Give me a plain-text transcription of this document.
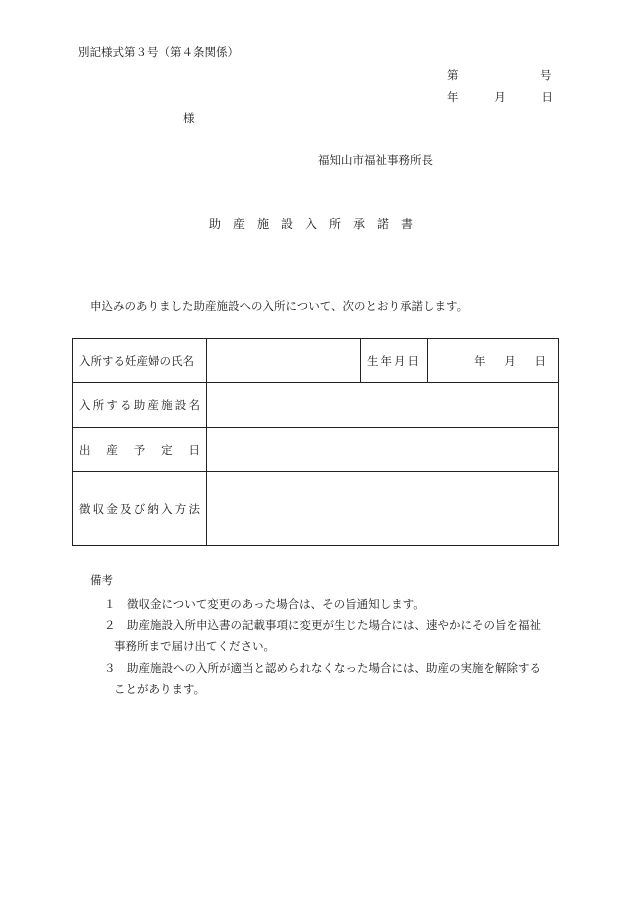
別記様式第３号（第４条関係）
第	号
年	月	日
様
福知山市福祉事務所長
助産施設入所承諾書
申込みのありました助産施設への入所について、次のとおり承諾します。
入所する妊産婦の氏名		生年月日	年 月 日

入所する助産施設名			
出産予定日			
徴収金及び納入方法			
備考
１　徴収金について変更のあった場合は、その旨通知します。
２　助産施設入所申込書の記載事項に変更が生じた場合には、速やかにその旨を福祉
事務所まで届け出てください。
３　助産施設への入所が適当と認められなくなった場合には、助産の実施を解除する
ことがあります。
